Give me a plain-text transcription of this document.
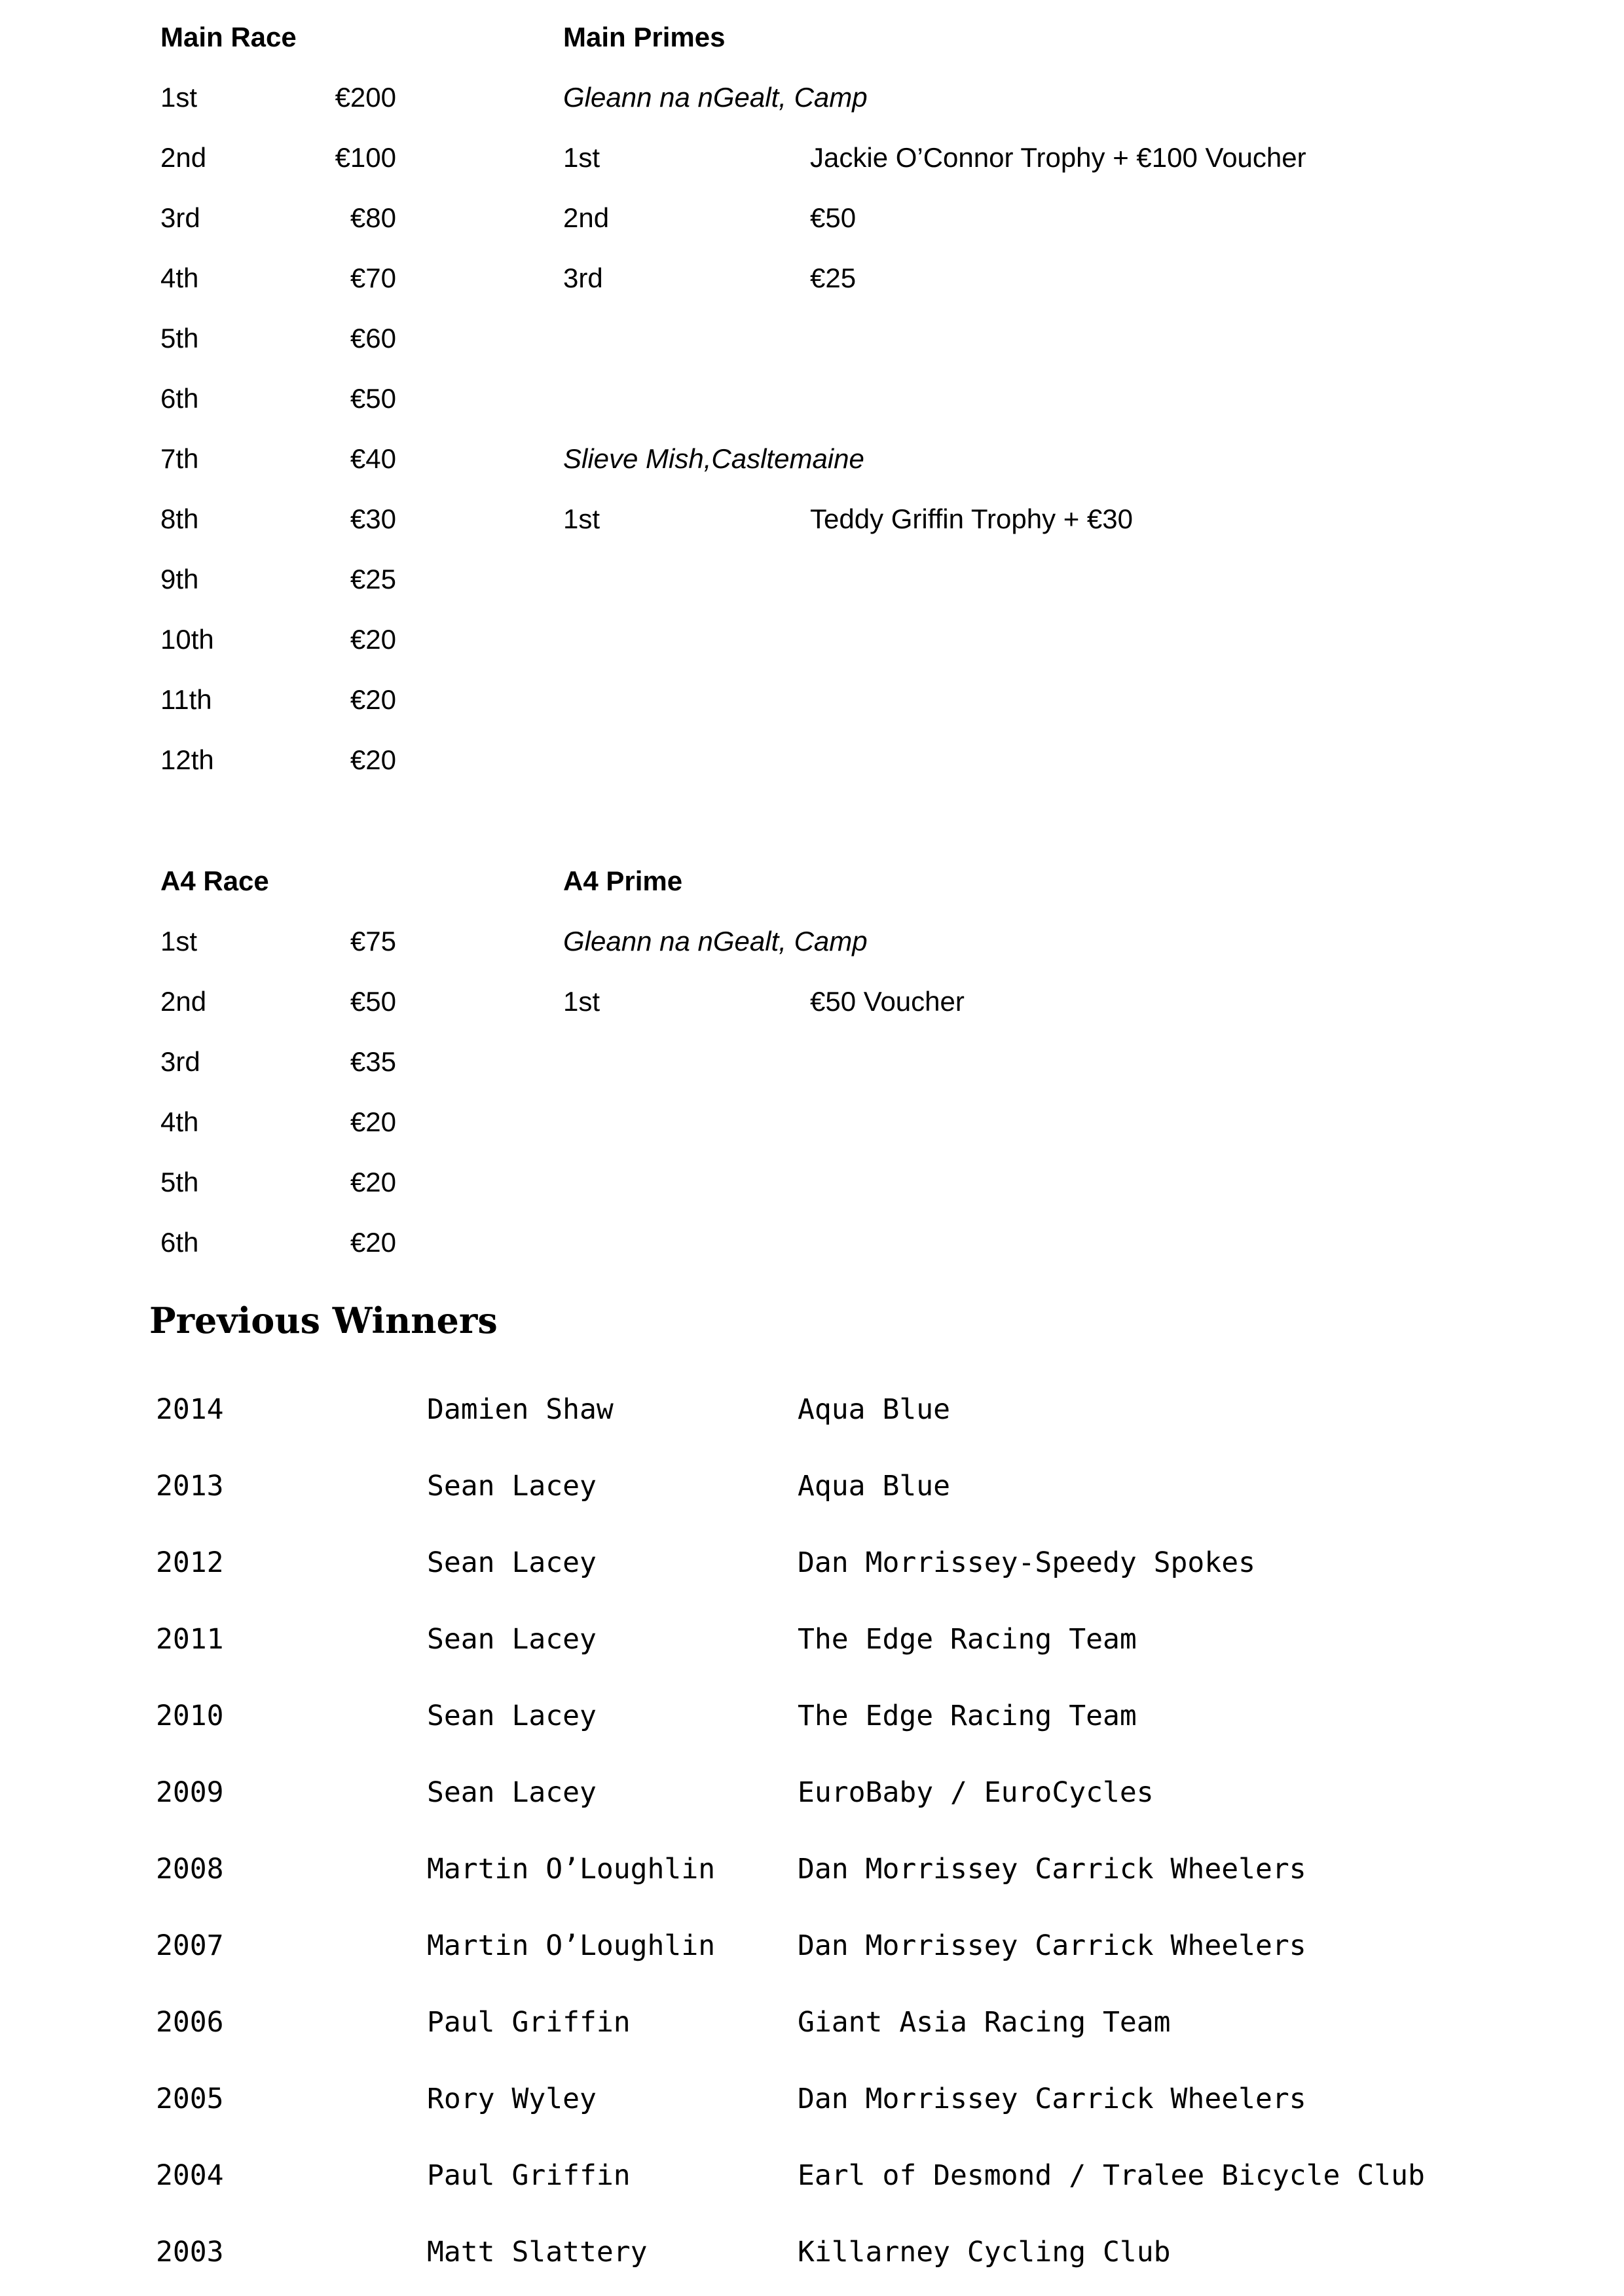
Main Race
1st	€200
2nd	€100
3rd	€80
4th	€70
5th	€60
6th	€50
7th	€40
8th	€30
9th	€25
10th	€20
11th	€20
12th	€20
Main Primes
Gleann na nGealt, Camp
1st	Jackie O’Connor Trophy + €100 Voucher
2nd	€50
3rd	€25
Slieve Mish,Casltemaine
1st	Teddy Griffin Trophy + €30
A4 Race
1st	€75
2nd	€50
3rd	€35
4th	€20
5th	€20
6th	€20
A4 Prime
Gleann na nGealt, Camp
1st	€50 Voucher
Previous Winners
2014	Damien Shaw	Aqua Blue
2013	Sean Lacey	Aqua Blue
2012	Sean Lacey	Dan Morrissey-Speedy Spokes
2011	Sean Lacey	The Edge Racing Team
2010	Sean Lacey	The Edge Racing Team
2009	Sean Lacey	EuroBaby / EuroCycles
2008	Martin O’Loughlin	Dan Morrissey Carrick Wheelers
2007	Martin O’Loughlin	Dan Morrissey Carrick Wheelers
2006	Paul Griffin	Giant Asia Racing Team
2005	Rory Wyley	Dan Morrissey Carrick Wheelers
2004	Paul Griffin	Earl of Desmond / Tralee Bicycle Club
2003	Matt Slattery	Killarney Cycling Club
